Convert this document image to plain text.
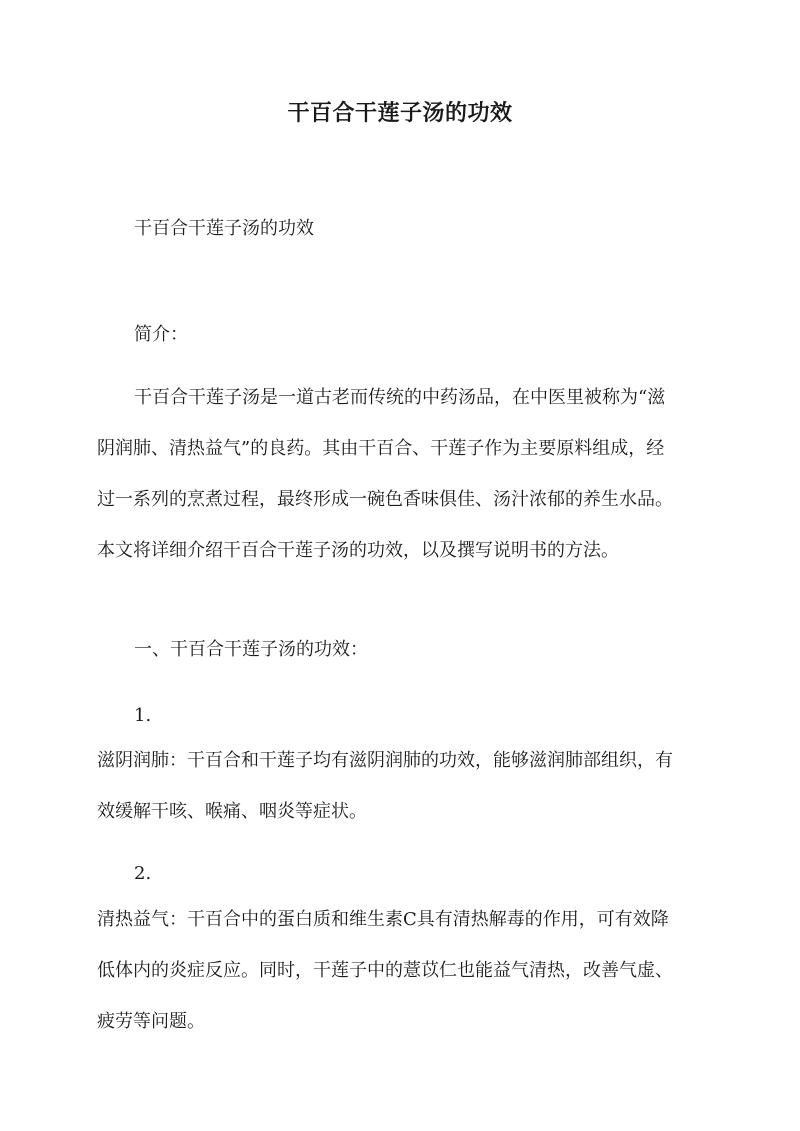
干百合干莲子汤的功效

干百合干莲子汤的功效

简介：

干百合干莲子汤是一道古老而传统的中药汤品，在中医里被称为“滋
阴润肺、清热益气”的良药。其由干百合、干莲子作为主要原料组成，经
过一系列的烹煮过程，最终形成一碗色香味俱佳、汤汁浓郁的养生水品。
本文将详细介绍干百合干莲子汤的功效，以及撰写说明书的方法。

一、干百合干莲子汤的功效：

1.

滋阴润肺：干百合和干莲子均有滋阴润肺的功效，能够滋润肺部组织，有
效缓解干咳、喉痛、咽炎等症状。

2.

清热益气：干百合中的蛋白质和维生素C具有清热解毒的作用，可有效降
低体内的炎症反应。同时，干莲子中的薏苡仁也能益气清热，改善气虚、
疲劳等问题。
